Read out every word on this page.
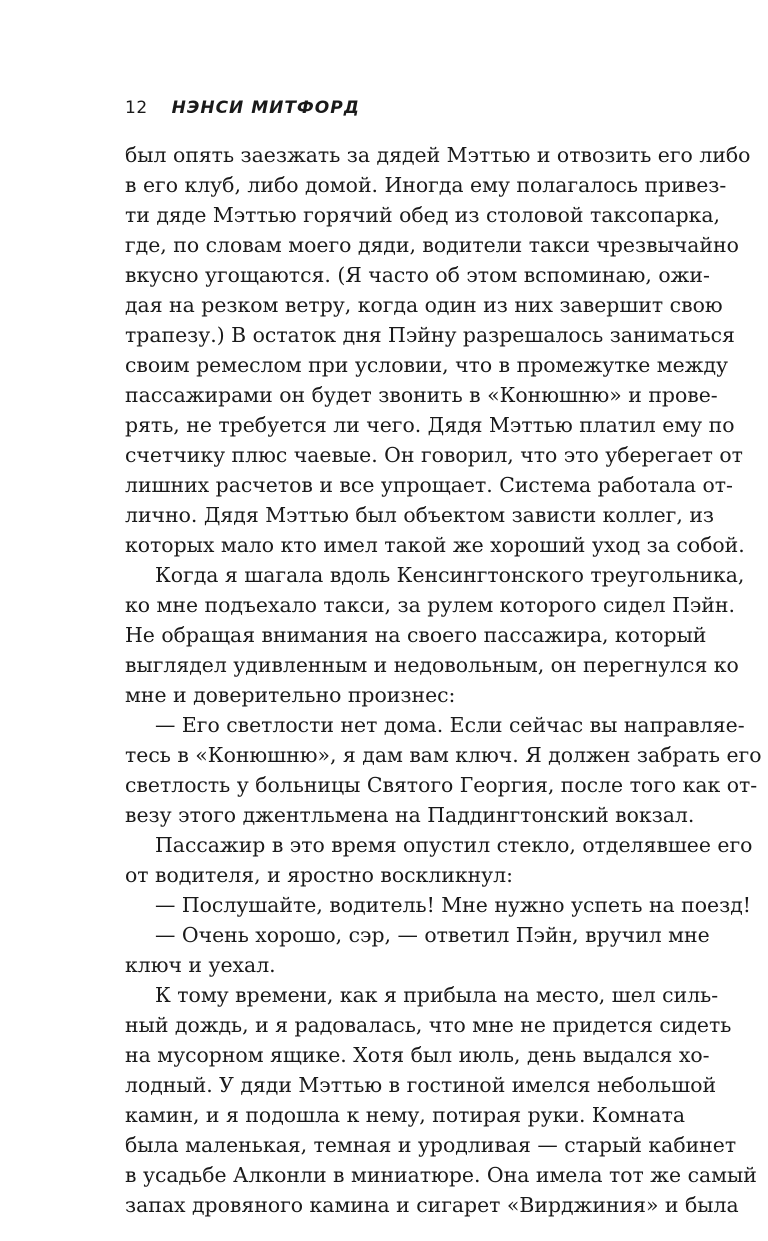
12 НЭНСИ МИТФОРД
был опять заезжать за дядей Мэттью и отвозить его либо
в его клуб, либо домой. Иногда ему полагалось привез-
ти дяде Мэттью горячий обед из столовой таксопарка,
где, по словам моего дяди, водители такси чрезвычайно
вкусно угощаются. (Я часто об этом вспоминаю, ожи-
дая на резком ветру, когда один из них завершит свою
трапезу.) В остаток дня Пэйну разрешалось заниматься
своим ремеслом при условии, что в промежутке между
пассажирами он будет звонить в «Конюшню» и прове-
рять, не требуется ли чего. Дядя Мэттью платил ему по
счетчику плюс чаевые. Он говорил, что это уберегает от
лишних расчетов и все упрощает. Система работала от-
лично. Дядя Мэттью был объектом зависти коллег, из
которых мало кто имел такой же хороший уход за собой.
Когда я шагала вдоль Кенсингтонского треугольника,
ко мне подъехало такси, за рулем которого сидел Пэйн.
Не обращая внимания на своего пассажира, который
выглядел удивленным и недовольным, он перегнулся ко
мне и доверительно произнес:
— Его светлости нет дома. Если сейчас вы направляе-
тесь в «Конюшню», я дам вам ключ. Я должен забрать его
светлость у больницы Святого Георгия, после того как от-
везу этого джентльмена на Паддингтонский вокзал.
Пассажир в это время опустил стекло, отделявшее его
от водителя, и яростно воскликнул:
— Послушайте, водитель! Мне нужно успеть на поезд!
— Очень хорошо, сэр, — ответил Пэйн, вручил мне
ключ и уехал.
К тому времени, как я прибыла на место, шел силь-
ный дождь, и я радовалась, что мне не придется сидеть
на мусорном ящике. Хотя был июль, день выдался хо-
лодный. У дяди Мэттью в гостиной имелся небольшой
камин, и я подошла к нему, потирая руки. Комната
была маленькая, темная и уродливая — старый кабинет
в усадьбе Алконли в миниатюре. Она имела тот же самый
запах дровяного камина и сигарет «Вирджиния» и была
